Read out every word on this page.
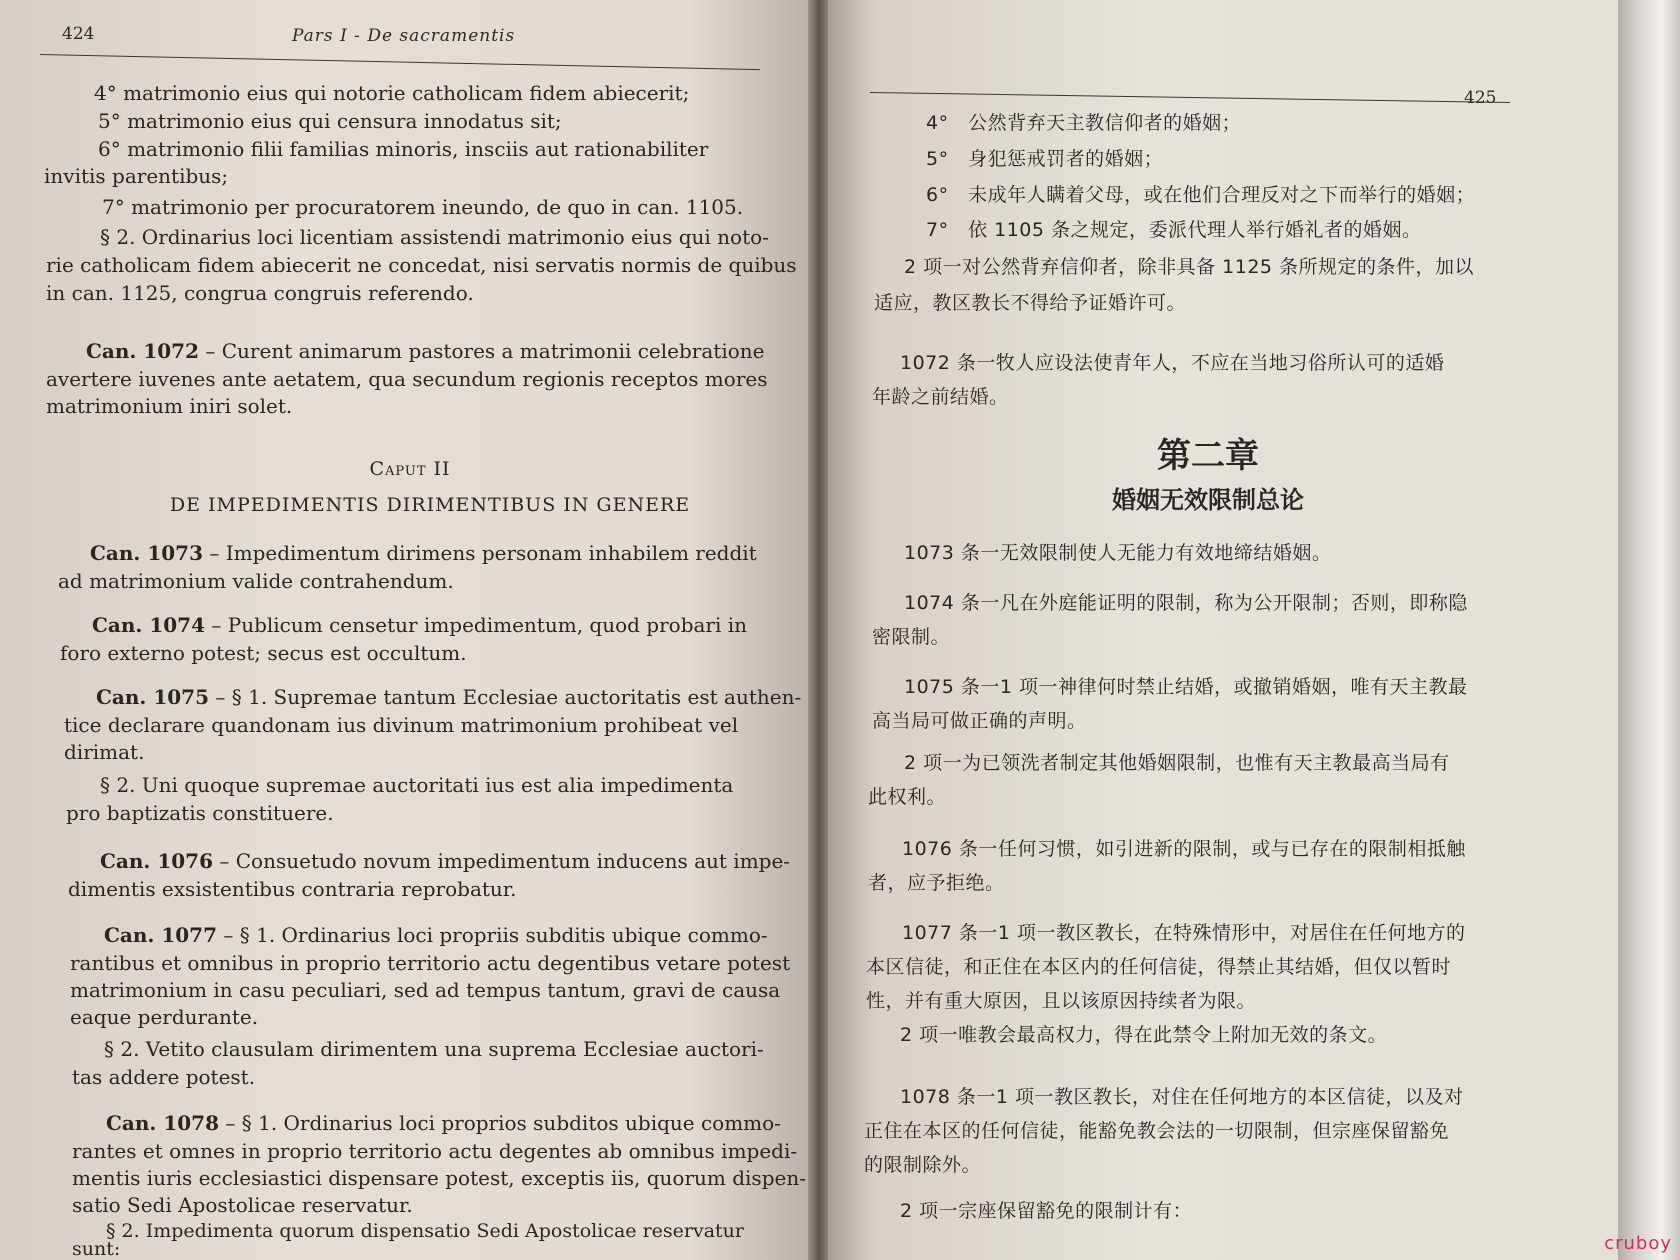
424	Pars I - De sacramentis
4° matrimonio eius qui notorie catholicam fidem abiecerit;
5° matrimonio eius qui censura innodatus sit;
6° matrimonio filii familias minoris, insciis aut rationabiliter
invitis parentibus;
7° matrimonio per procuratorem ineundo, de quo in can. 1105.
§ 2. Ordinarius loci licentiam assistendi matrimonio eius qui noto-
rie catholicam fidem abiecerit ne concedat, nisi servatis normis de quibus
in can. 1125, congrua congruis referendo.
Can. 1072 – Curent animarum pastores a matrimonii celebratione
avertere iuvenes ante aetatem, qua secundum regionis receptos mores
matrimonium iniri solet.
Caput II
DE IMPEDIMENTIS DIRIMENTIBUS IN GENERE
Can. 1073 – Impedimentum dirimens personam inhabilem reddit
ad matrimonium valide contrahendum.
Can. 1074 – Publicum censetur impedimentum, quod probari in
foro externo potest; secus est occultum.
Can. 1075 – § 1. Supremae tantum Ecclesiae auctoritatis est authen-
tice declarare quandonam ius divinum matrimonium prohibeat vel
dirimat.
§ 2. Uni quoque supremae auctoritati ius est alia impedimenta
pro baptizatis constituere.
Can. 1076 – Consuetudo novum impedimentum inducens aut impe-
dimentis exsistentibus contraria reprobatur.
Can. 1077 – § 1. Ordinarius loci propriis subditis ubique commo-
rantibus et omnibus in proprio territorio actu degentibus vetare potest
matrimonium in casu peculiari, sed ad tempus tantum, gravi de causa
eaque perdurante.
§ 2. Vetito clausulam dirimentem una suprema Ecclesiae auctori-
tas addere potest.
Can. 1078 – § 1. Ordinarius loci proprios subditos ubique commo-
rantes et omnes in proprio territorio actu degentes ab omnibus impedi-
mentis iuris ecclesiastici dispensare potest, exceptis iis, quorum dispen-
satio Sedi Apostolicae reservatur.
§ 2. Impedimenta quorum dispensatio Sedi Apostolicae reservatur
sunt:
425
4°　公然背弃天主教信仰者的婚姻；
5°　身犯惩戒罚者的婚姻；
6°　未成年人瞒着父母，或在他们合理反对之下而举行的婚姻；
7°　依 1105 条之规定，委派代理人举行婚礼者的婚姻。
2 项一对公然背弃信仰者，除非具备 1125 条所规定的条件，加以
适应，教区教长不得给予证婚许可。
1072 条一牧人应设法使青年人，不应在当地习俗所认可的适婚
年龄之前结婚。
第二章
婚姻无效限制总论
1073 条一无效限制使人无能力有效地缔结婚姻。
1074 条一凡在外庭能证明的限制，称为公开限制；否则，即称隐
密限制。
1075 条一1 项一神律何时禁止结婚，或撤销婚姻，唯有天主教最
高当局可做正确的声明。
2 项一为已领洗者制定其他婚姻限制，也惟有天主教最高当局有
此权利。
1076 条一任何习惯，如引进新的限制，或与已存在的限制相抵触
者，应予拒绝。
1077 条一1 项一教区教长，在特殊情形中，对居住在任何地方的
本区信徒，和正住在本区内的任何信徒，得禁止其结婚，但仅以暂时
性，并有重大原因，且以该原因持续者为限。
2 项一唯教会最高权力，得在此禁令上附加无效的条文。
1078 条一1 项一教区教长，对住在任何地方的本区信徒，以及对
正住在本区的任何信徒，能豁免教会法的一切限制，但宗座保留豁免
的限制除外。
2 项一宗座保留豁免的限制计有：
cruboy
